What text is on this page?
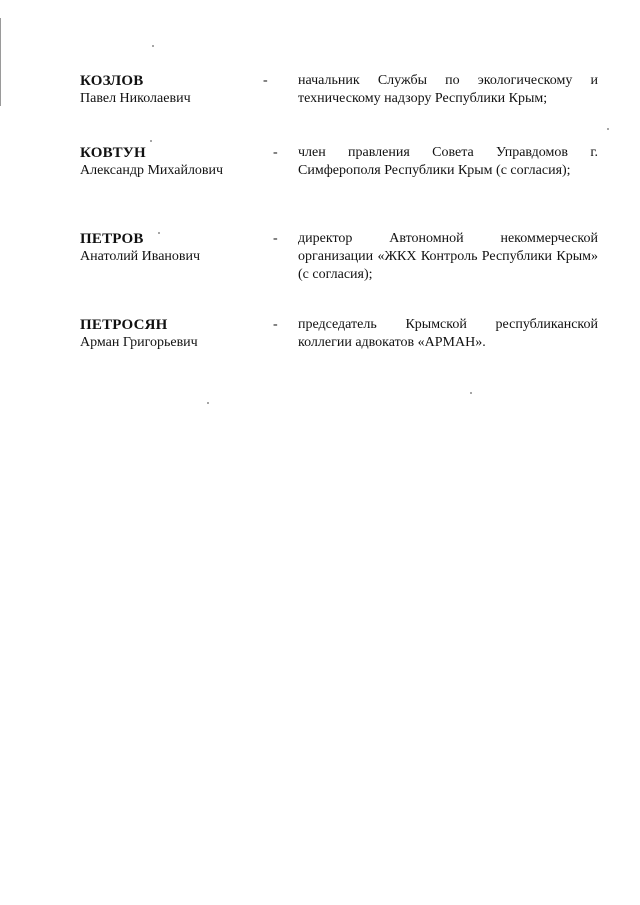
КОЗЛОВ
Павел Николаевич
- начальник Службы по экологическому и техническому надзору Республики Крым;

КОВТУН
Александр Михайлович
- член правления Совета Управдомов г. Симферополя Республики Крым (с согласия);

ПЕТРОВ
Анатолий Иванович
- директор Автономной некоммерческой организации «ЖКХ Контроль Республики Крым» (с согласия);

ПЕТРОСЯН
Арман Григорьевич
- председатель Крымской республиканской коллегии адвокатов «АРМАН».
